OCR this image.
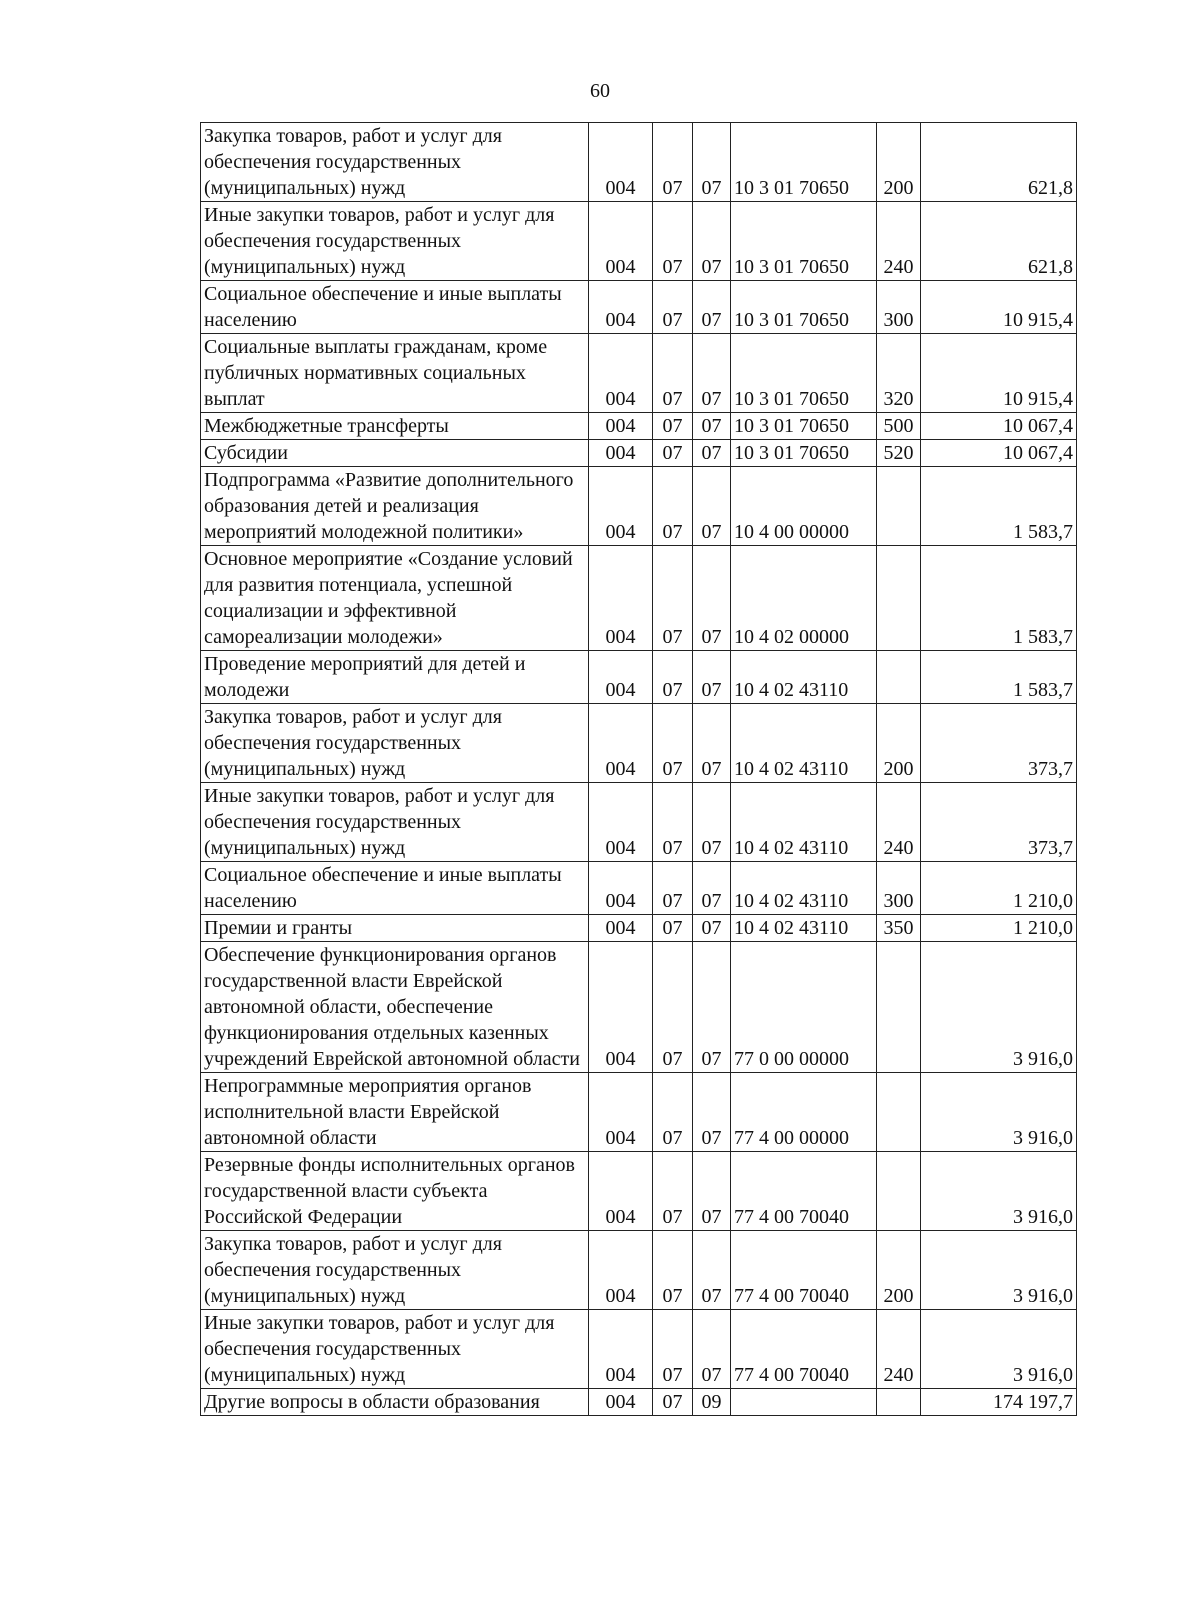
60
Закупка товаров, работ и услуг для обеспечения государственных (муниципальных) нужд	004	07	07	10 3 01 70650	200	621,8
Иные закупки товаров, работ и услуг для обеспечения государственных (муниципальных) нужд	004	07	07	10 3 01 70650	240	621,8
Социальное обеспечение и иные выплаты населению	004	07	07	10 3 01 70650	300	10 915,4
Социальные выплаты гражданам, кроме публичных нормативных социальных выплат	004	07	07	10 3 01 70650	320	10 915,4
Межбюджетные трансферты	004	07	07	10 3 01 70650	500	10 067,4
Субсидии	004	07	07	10 3 01 70650	520	10 067,4
Подпрограмма «Развитие дополнительного образования детей и реализация мероприятий молодежной политики»	004	07	07	10 4 00 00000		1 583,7
Основное мероприятие «Создание условий для развития потенциала, успешной социализации и эффективной самореализации молодежи»	004	07	07	10 4 02 00000		1 583,7
Проведение мероприятий для детей и молодежи	004	07	07	10 4 02 43110		1 583,7
Закупка товаров, работ и услуг для обеспечения государственных (муниципальных) нужд	004	07	07	10 4 02 43110	200	373,7
Иные закупки товаров, работ и услуг для обеспечения государственных (муниципальных) нужд	004	07	07	10 4 02 43110	240	373,7
Социальное обеспечение и иные выплаты населению	004	07	07	10 4 02 43110	300	1 210,0
Премии и гранты	004	07	07	10 4 02 43110	350	1 210,0
Обеспечение функционирования органов государственной власти Еврейской автономной области, обеспечение функционирования отдельных казенных учреждений Еврейской автономной области	004	07	07	77 0 00 00000		3 916,0
Непрограммные мероприятия органов исполнительной власти Еврейской автономной области	004	07	07	77 4 00 00000		3 916,0
Резервные фонды исполнительных органов государственной власти субъекта Российской Федерации	004	07	07	77 4 00 70040		3 916,0
Закупка товаров, работ и услуг для обеспечения государственных (муниципальных) нужд	004	07	07	77 4 00 70040	200	3 916,0
Иные закупки товаров, работ и услуг для обеспечения государственных (муниципальных) нужд	004	07	07	77 4 00 70040	240	3 916,0
Другие вопросы в области образования	004	07	09			174 197,7
